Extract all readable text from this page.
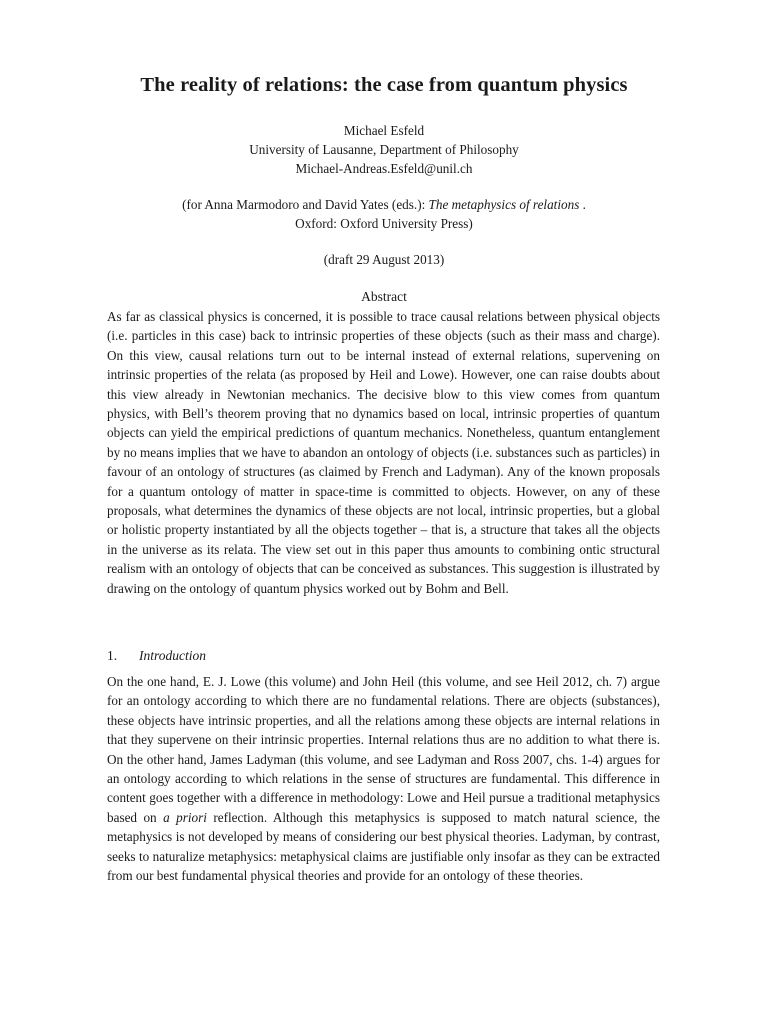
The reality of relations: the case from quantum physics
Michael Esfeld
University of Lausanne, Department of Philosophy
Michael-Andreas.Esfeld@unil.ch
(for Anna Marmodoro and David Yates (eds.): The metaphysics of relations .
Oxford: Oxford University Press)
(draft 29 August 2013)
Abstract
As far as classical physics is concerned, it is possible to trace causal relations between physical objects (i.e. particles in this case) back to intrinsic properties of these objects (such as their mass and charge). On this view, causal relations turn out to be internal instead of external relations, supervening on intrinsic properties of the relata (as proposed by Heil and Lowe). However, one can raise doubts about this view already in Newtonian mechanics. The decisive blow to this view comes from quantum physics, with Bell’s theorem proving that no dynamics based on local, intrinsic properties of quantum objects can yield the empirical predictions of quantum mechanics. Nonetheless, quantum entanglement by no means implies that we have to abandon an ontology of objects (i.e. substances such as particles) in favour of an ontology of structures (as claimed by French and Ladyman). Any of the known proposals for a quantum ontology of matter in space-time is committed to objects. However, on any of these proposals, what determines the dynamics of these objects are not local, intrinsic properties, but a global or holistic property instantiated by all the objects together – that is, a structure that takes all the objects in the universe as its relata. The view set out in this paper thus amounts to combining ontic structural realism with an ontology of objects that can be conceived as substances. This suggestion is illustrated by drawing on the ontology of quantum physics worked out by Bohm and Bell.
1. Introduction
On the one hand, E. J. Lowe (this volume) and John Heil (this volume, and see Heil 2012, ch. 7) argue for an ontology according to which there are no fundamental relations. There are objects (substances), these objects have intrinsic properties, and all the relations among these objects are internal relations in that they supervene on their intrinsic properties. Internal relations thus are no addition to what there is. On the other hand, James Ladyman (this volume, and see Ladyman and Ross 2007, chs. 1-4) argues for an ontology according to which relations in the sense of structures are fundamental. This difference in content goes together with a difference in methodology: Lowe and Heil pursue a traditional metaphysics based on a priori reflection. Although this metaphysics is supposed to match natural science, the metaphysics is not developed by means of considering our best physical theories. Ladyman, by contrast, seeks to naturalize metaphysics: metaphysical claims are justifiable only insofar as they can be extracted from our best fundamental physical theories and provide for an ontology of these theories.
